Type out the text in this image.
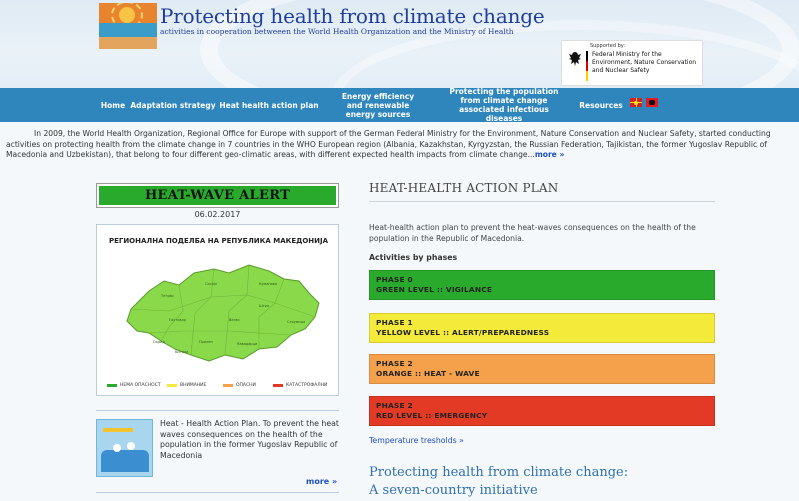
Protecting health from climate change
activities in cooperation betweeen the World Health Organization and the Ministry of Health
Supported by:
Federal Ministry for the
Environment, Nature Conservation
and Nuclear Safety
Home Adaptation strategy Heat health action plan
Energy efficiency and renewable energy sources
Protecting the population from climate change associated infectious diseases
Resources
In 2009, the World Health Organization, Regional Office for Europe with support of the German Federal Ministry for the Environment, Nature Conservation and Nuclear Safety, started conducting activities on protecting health from the climate change in 7 countries in the WHO European region (Albania, Kazakhstan, Kyrgyzstan, the Russian Federation, Tajikistan, the former Yugoslav Republic of Macedonia and Uzbekistan), that belong to four different geo-climatic areas, with different expected health impacts from climate change...more »
HEAT-WAVE ALERT
06.02.2017
РЕГИОНАЛНА ПОДЕЛБА НА РЕПУБЛИКА МАКЕДОНИЈА
Тетово
Скопје	Куманово
Штип
Велес
Гостивар	Струмица
Прилеп
Охрид	Кавадарци
Битола
НЕМА ОПАСНОСТ	ВНИМАНИЕ	ОПАСНИ	КАТАСТРОФАЛНИ
Heat - Health Action Plan. To prevent the heat waves consequences on the health of the population in the former Yugoslav Republic of Macedonia
more »
HEAT-HEALTH ACTION PLAN
Heat-health action plan to prevent the heat-waves consequences on the health of the population in the Republic of Macedonia.
Activities by phases
PHASE 0
GREEN LEVEL :: VIGILANCE
PHASE 1
YELLOW LEVEL :: ALERT/PREPAREDNESS
PHASE 2
ORANGE :: HEAT - WAVE
PHASE 2
RED LEVEL :: EMERGENCY
Temperature tresholds »
Protecting health from climate change:
A seven-country initiative
